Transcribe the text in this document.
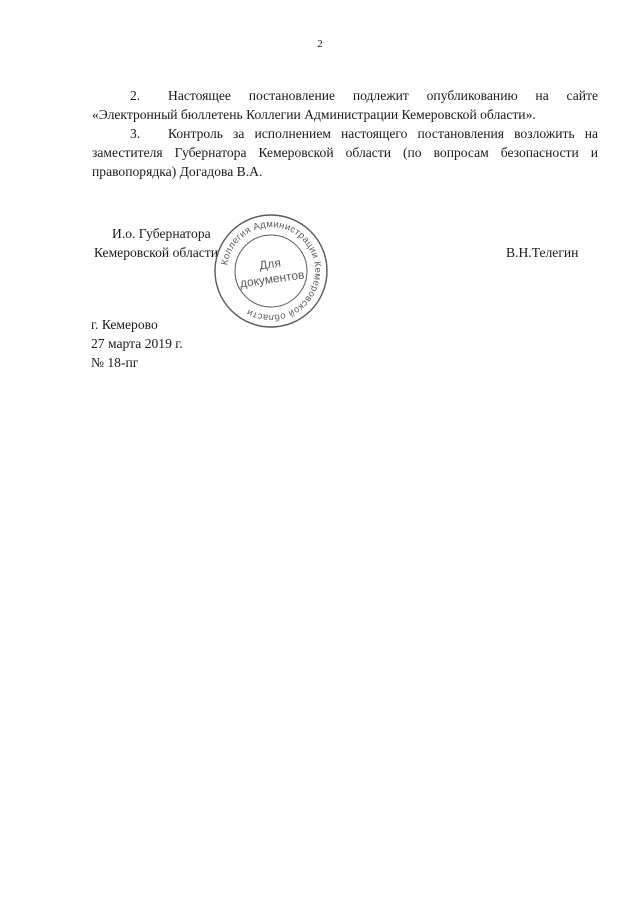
2

2. Настоящее постановление подлежит опубликованию на сайте «Электронный бюллетень Коллегии Администрации Кемеровской области».

3. Контроль за исполнением настоящего постановления возложить на заместителя Губернатора Кемеровской области (по вопросам безопасности и правопорядка) Догадова В.А.

И.о. Губернатора
Кемеровской области	В.Н.Телегин
Коллегия Администрации Кемеровской области
Для
документов
г. Кемерово
27 марта 2019 г.
№ 18-пг
